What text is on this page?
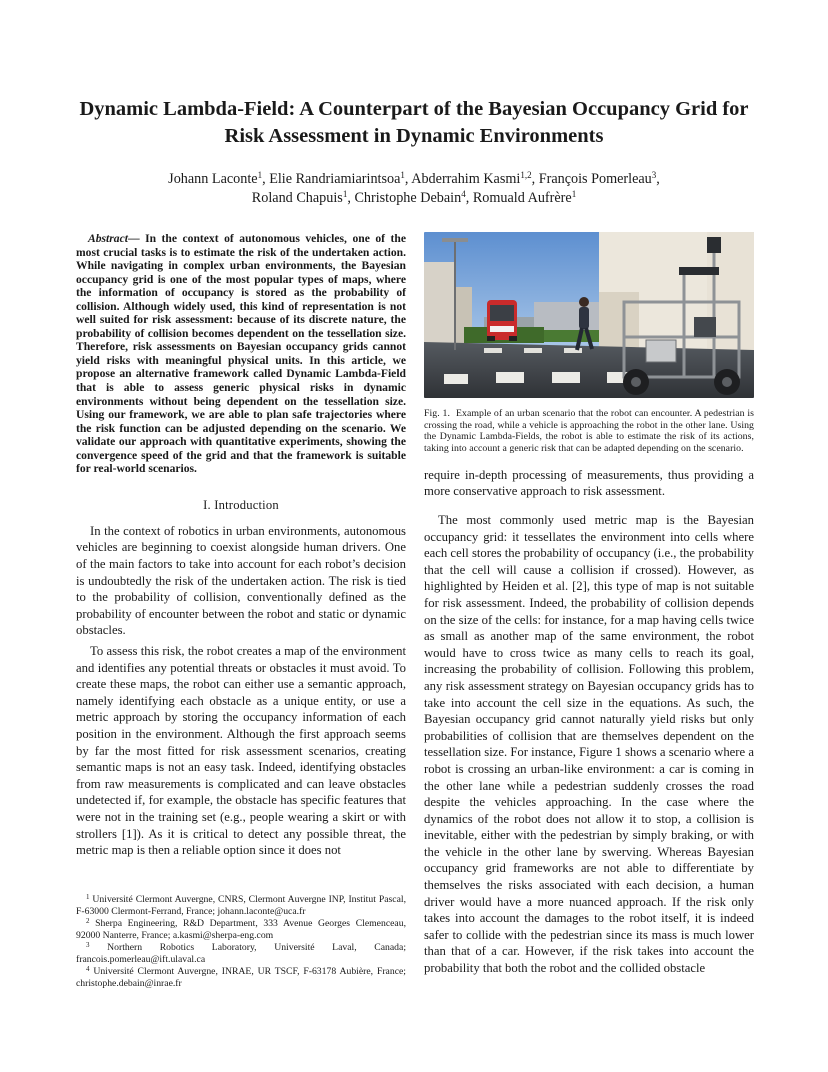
Dynamic Lambda-Field: A Counterpart of the Bayesian Occupancy Grid for Risk Assessment in Dynamic Environments
Johann Laconte$^1$, Elie Randriamiarintsoa$^1$, Abderrahim Kasmi$^{1,2}$, François Pomerleau$^3$,
Roland Chapuis$^1$, Christophe Debain$^4$, Romuald Aufrère$^1$

Abstract— In the context of autonomous vehicles, one of the most crucial tasks is to estimate the risk of the undertaken action. While navigating in complex urban environments, the Bayesian occupancy grid is one of the most popular types of maps, where the information of occupancy is stored as the probability of collision. Although widely used, this kind of representation is not well suited for risk assessment: because of its discrete nature, the probability of collision becomes dependent on the tessellation size. Therefore, risk assessments on Bayesian occupancy grids cannot yield risks with meaningful physical units. In this article, we propose an alternative framework called Dynamic Lambda-Field that is able to assess generic physical risks in dynamic environments without being dependent on the tessellation size. Using our framework, we are able to plan safe trajectories where the risk function can be adjusted depending on the scenario. We validate our approach with quantitative experiments, showing the convergence speed of the grid and that the framework is suitable for real-world scenarios.

I. Introduction

In the context of robotics in urban environments, autonomous vehicles are beginning to coexist alongside human drivers. One of the main factors to take into account for each robot’s decision is undoubtedly the risk of the undertaken action. The risk is tied to the probability of collision, conventionally defined as the probability of encounter between the robot and static or dynamic obstacles.

To assess this risk, the robot creates a map of the environment and identifies any potential threats or obstacles it must avoid. To create these maps, the robot can either use a semantic approach, namely identifying each obstacle as a unique entity, or use a metric approach by storing the occupancy information of each position in the environment. Although the first approach seems by far the most fitted for risk assessment scenarios, creating semantic maps is not an easy task. Indeed, identifying obstacles from raw measurements is complicated and can leave obstacles undetected if, for example, the obstacle has specific features that were not in the training set (e.g., people wearing a skirt or with strollers [1]). As it is critical to detect any possible threat, the metric map is then a reliable option since it does not

$^1$ Université Clermont Auvergne, CNRS, Clermont Auvergne INP, Institut Pascal, F-63000 Clermont-Ferrand, France; johann.laconte@uca.fr
$^2$ Sherpa Engineering, R&D Department, 333 Avenue Georges Clemenceau, 92000 Nanterre, France; a.kasmi@sherpa-eng.com
$^3$ Northern Robotics Laboratory, Université Laval, Canada; francois.pomerleau@ift.ulaval.ca
$^4$ Université Clermont Auvergne, INRAE, UR TSCF, F-63178 Aubière, France; christophe.debain@inrae.fr
Fig. 1. Example of an urban scenario that the robot can encounter. A pedestrian is crossing the road, while a vehicle is approaching the robot in the other lane. Using the Dynamic Lambda-Fields, the robot is able to estimate the risk of its actions, taking into account a generic risk that can be adapted depending on the scenario.

require in-depth processing of measurements, thus providing a more conservative approach to risk assessment.

The most commonly used metric map is the Bayesian occupancy grid: it tessellates the environment into cells where each cell stores the probability of occupancy (i.e., the probability that the cell will cause a collision if crossed). However, as highlighted by Heiden et al. [2], this type of map is not suitable for risk assessment. Indeed, the probability of collision depends on the size of the cells: for instance, for a map having cells twice as small as another map of the same environment, the robot would have to cross twice as many cells to reach its goal, increasing the probability of collision. Following this problem, any risk assessment strategy on Bayesian occupancy grids has to take into account the cell size in the equations. As such, the Bayesian occupancy grid cannot naturally yield risks but only probabilities of collision that are themselves dependent on the tessellation size. For instance, Figure 1 shows a scenario where a robot is crossing an urban-like environment: a car is coming in the other lane while a pedestrian suddenly crosses the road despite the vehicles approaching. In the case where the dynamics of the robot does not allow it to stop, a collision is inevitable, either with the pedestrian by simply braking, or with the vehicle in the other lane by swerving. Whereas Bayesian occupancy grid frameworks are not able to differentiate by themselves the risks associated with each decision, a human driver would have a more nuanced approach. If the risk only takes into account the damages to the robot itself, it is indeed safer to collide with the pedestrian since its mass is much lower than that of a car. However, if the risk takes into account the probability that both the robot and the collided obstacle
